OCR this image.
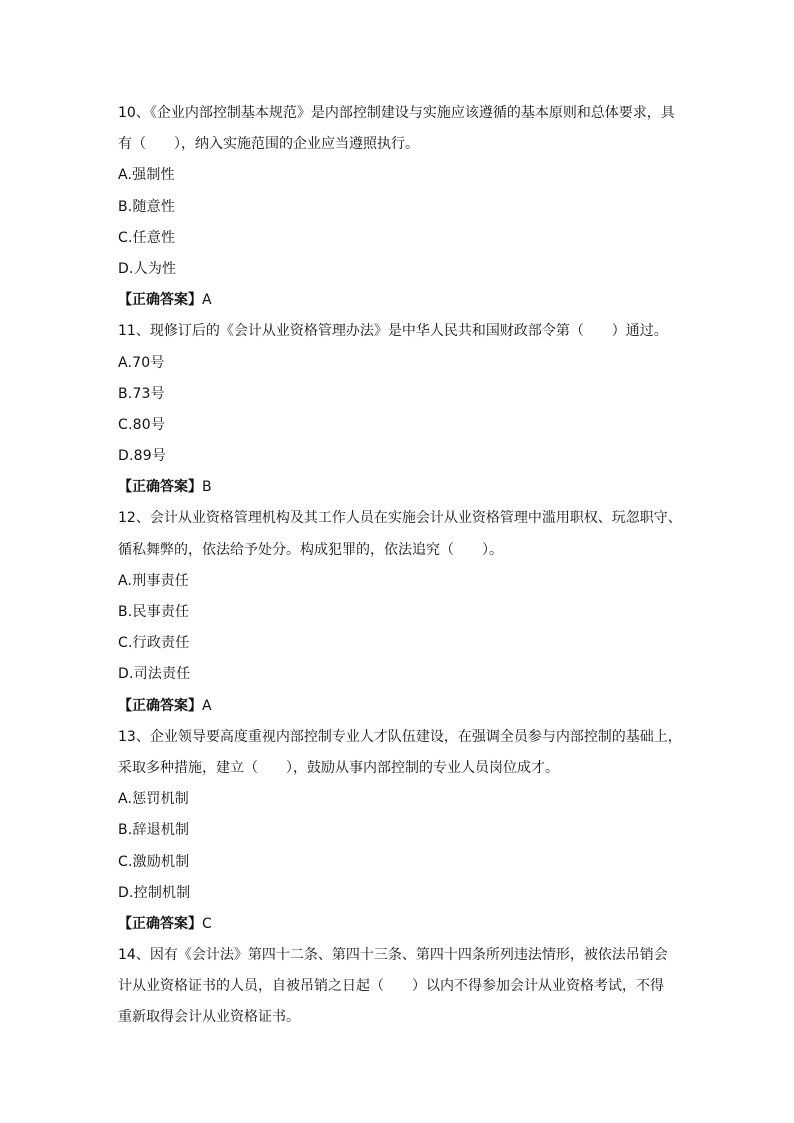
10、《企业内部控制基本规范》是内部控制建设与实施应该遵循的基本原则和总体要求，具
有（　　），纳入实施范围的企业应当遵照执行。
A.强制性
B.随意性
C.任意性
D.人为性
【正确答案】A
11、现修订后的《会计从业资格管理办法》是中华人民共和国财政部令第（　　）通过。
A.70号
B.73号
C.80号
D.89号
【正确答案】B
12、会计从业资格管理机构及其工作人员在实施会计从业资格管理中滥用职权、玩忽职守、
循私舞弊的，依法给予处分。构成犯罪的，依法追究（　　）。
A.刑事责任
B.民事责任
C.行政责任
D.司法责任
【正确答案】A
13、企业领导要高度重视内部控制专业人才队伍建设，在强调全员参与内部控制的基础上，
采取多种措施，建立（　　），鼓励从事内部控制的专业人员岗位成才。
A.惩罚机制
B.辞退机制
C.激励机制
D.控制机制
【正确答案】C
14、因有《会计法》第四十二条、第四十三条、第四十四条所列违法情形，被依法吊销会
计从业资格证书的人员，自被吊销之日起（　　）以内不得参加会计从业资格考试，不得
重新取得会计从业资格证书。
